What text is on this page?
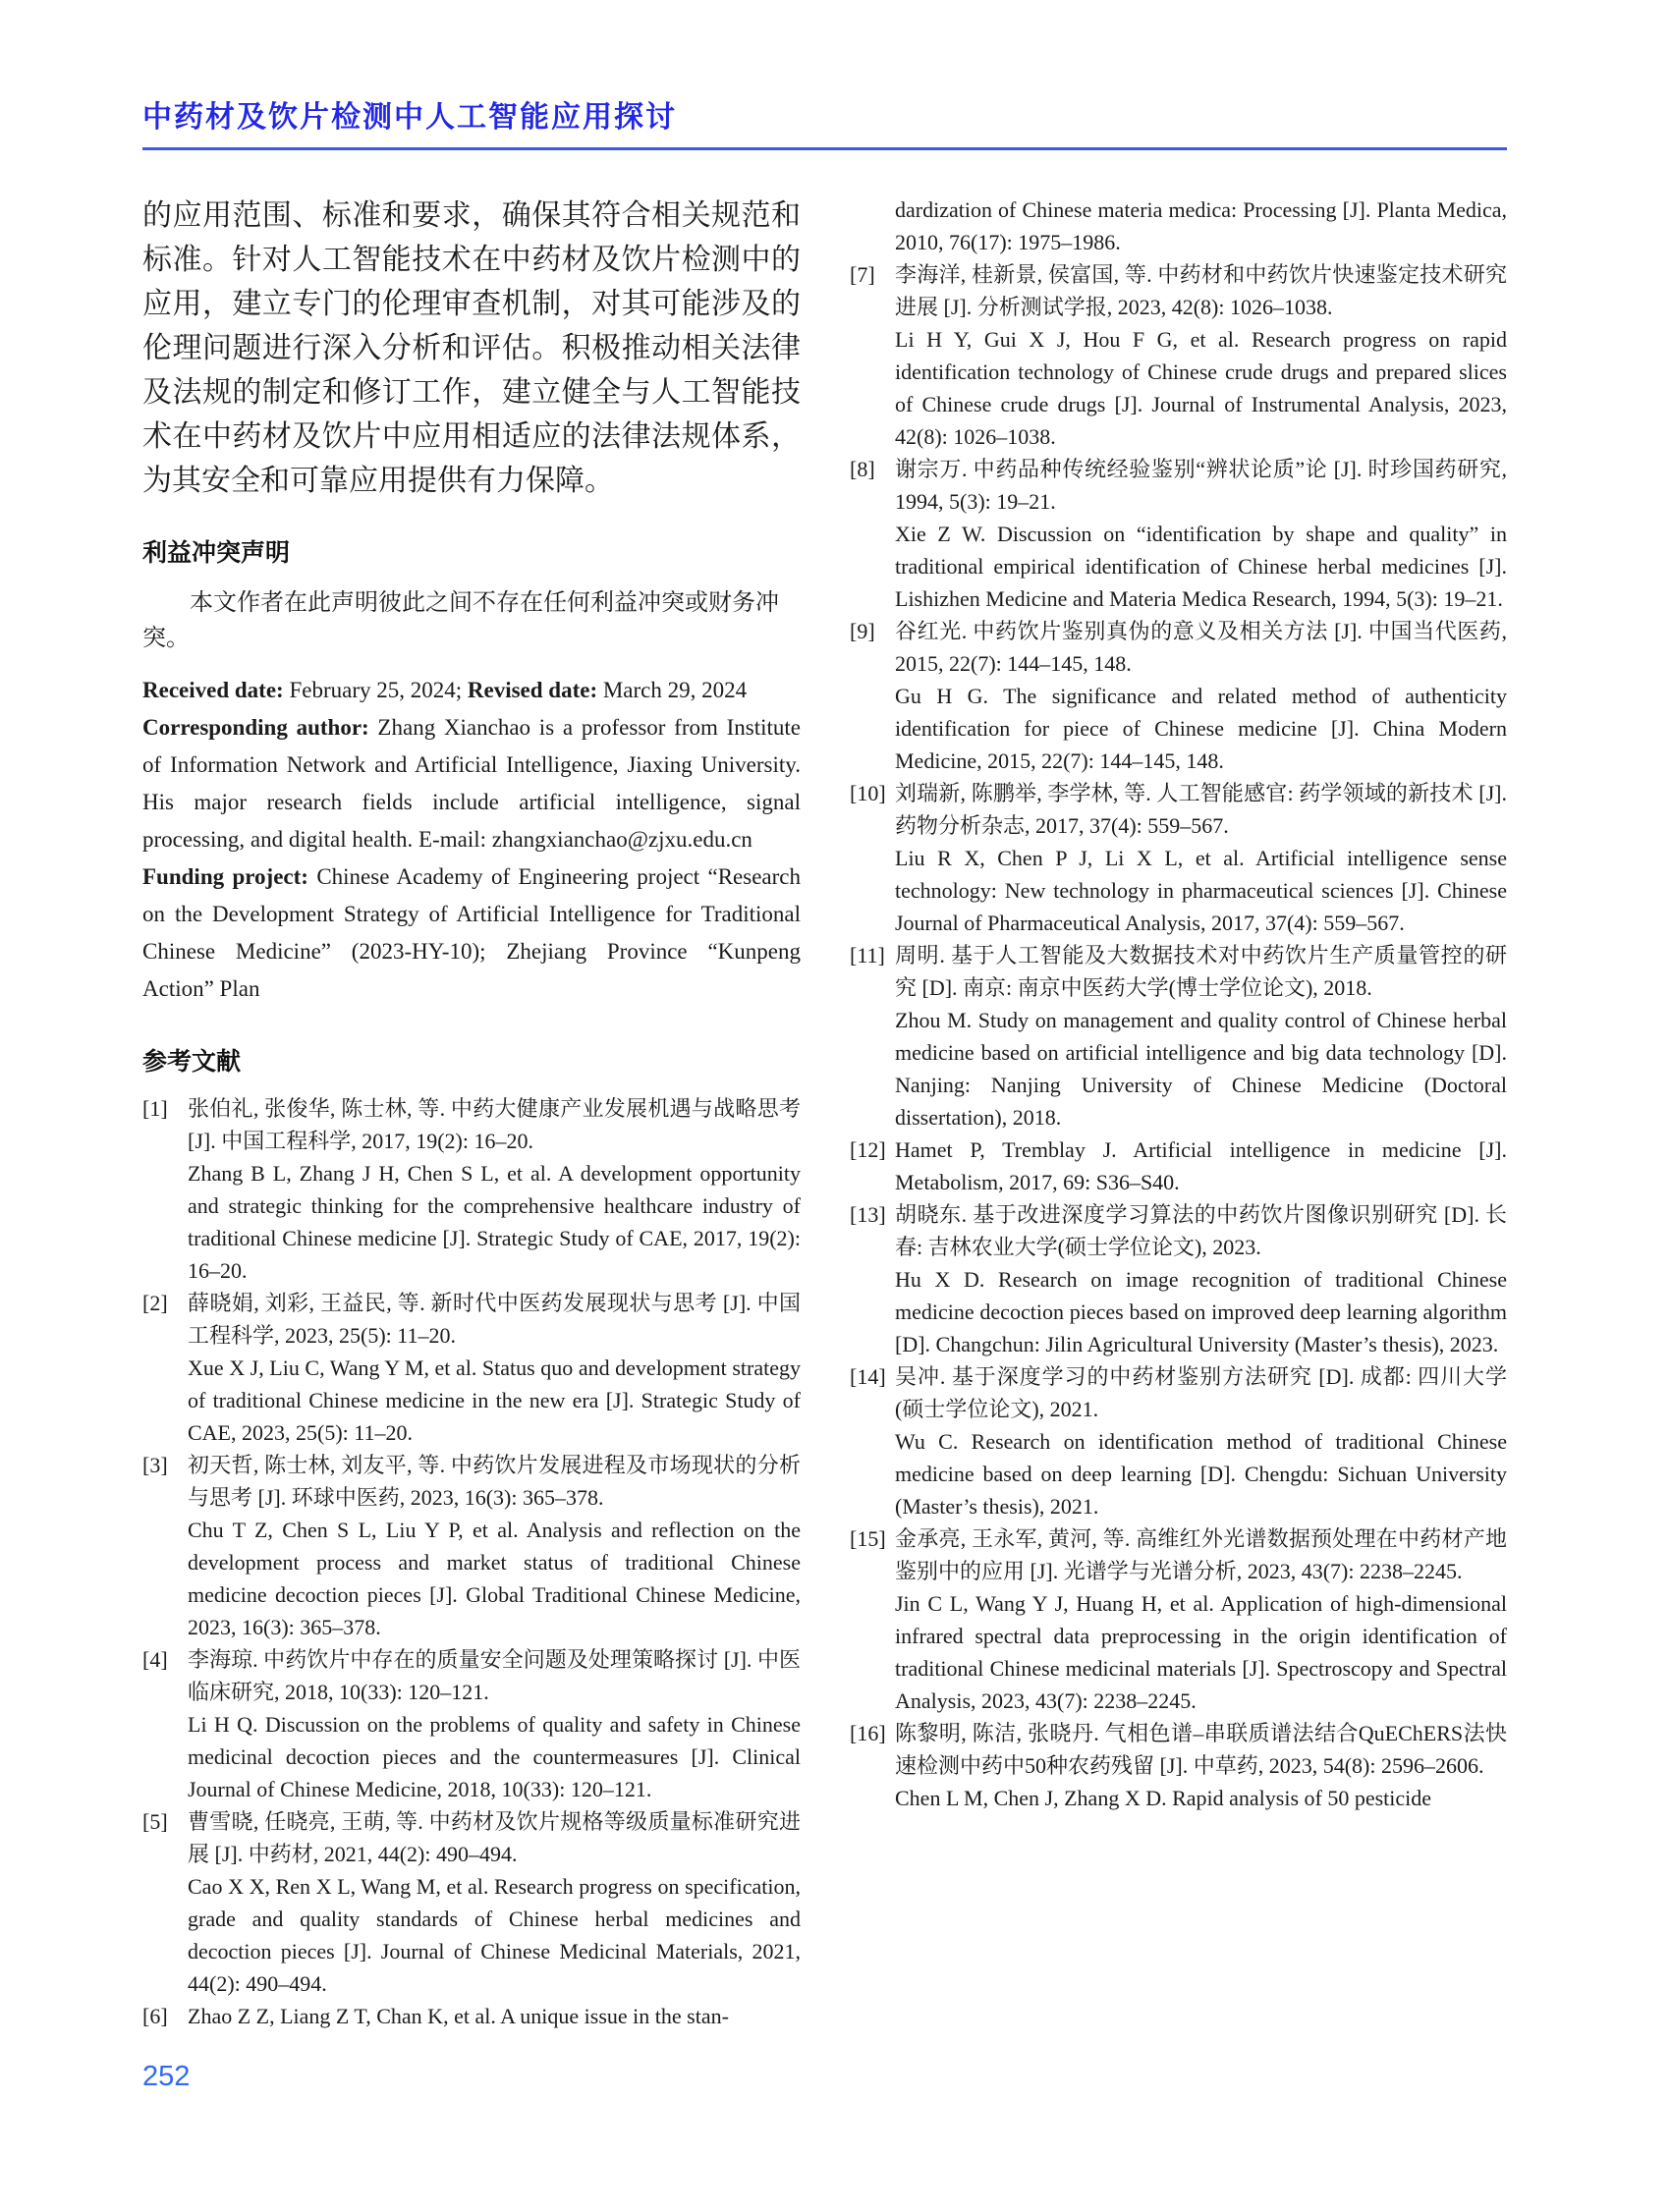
中药材及饮片检测中人工智能应用探讨

的应用范围、标准和要求，确保其符合相关规范和标准。针对人工智能技术在中药材及饮片检测中的应用，建立专门的伦理审查机制，对其可能涉及的伦理问题进行深入分析和评估。积极推动相关法律及法规的制定和修订工作，建立健全与人工智能技术在中药材及饮片中应用相适应的法律法规体系，为其安全和可靠应用提供有力保障。

利益冲突声明

本文作者在此声明彼此之间不存在任何利益冲突或财务冲突。

Received date: February 25, 2024; Revised date: March 29, 2024

Corresponding author: Zhang Xianchao is a professor from Institute of Information Network and Artificial Intelligence, Jiaxing University. His major research fields include artificial intelligence, signal processing, and digital health. E-mail: zhangxianchao@zjxu.edu.cn

Funding project: Chinese Academy of Engineering project “Research on the Development Strategy of Artificial Intelligence for Traditional Chinese Medicine” (2023-HY-10); Zhejiang Province “Kunpeng Action” Plan

参考文献
[1] 张伯礼, 张俊华, 陈士林, 等. 中药大健康产业发展机遇与战略思考 [J]. 中国工程科学, 2017, 19(2): 16–20.
Zhang B L, Zhang J H, Chen S L, et al. A development opportunity and strategic thinking for the comprehensive healthcare industry of traditional Chinese medicine [J]. Strategic Study of CAE, 2017, 19(2): 16–20.
[2] 薛晓娟, 刘彩, 王益民, 等. 新时代中医药发展现状与思考 [J]. 中国工程科学, 2023, 25(5): 11–20.
Xue X J, Liu C, Wang Y M, et al. Status quo and development strategy of traditional Chinese medicine in the new era [J]. Strategic Study of CAE, 2023, 25(5): 11–20.
[3] 初天哲, 陈士林, 刘友平, 等. 中药饮片发展进程及市场现状的分析与思考 [J]. 环球中医药, 2023, 16(3): 365–378.
Chu T Z, Chen S L, Liu Y P, et al. Analysis and reflection on the development process and market status of traditional Chinese medicine decoction pieces [J]. Global Traditional Chinese Medicine, 2023, 16(3): 365–378.
[4] 李海琼. 中药饮片中存在的质量安全问题及处理策略探讨 [J]. 中医临床研究, 2018, 10(33): 120–121.
Li H Q. Discussion on the problems of quality and safety in Chinese medicinal decoction pieces and the countermeasures [J]. Clinical Journal of Chinese Medicine, 2018, 10(33): 120–121.
[5] 曹雪晓, 任晓亮, 王萌, 等. 中药材及饮片规格等级质量标准研究进展 [J]. 中药材, 2021, 44(2): 490–494.
Cao X X, Ren X L, Wang M, et al. Research progress on specification, grade and quality standards of Chinese herbal medicines and decoction pieces [J]. Journal of Chinese Medicinal Materials, 2021, 44(2): 490–494.
[6] Zhao Z Z, Liang Z T, Chan K, et al. A unique issue in the stan-
dardization of Chinese materia medica: Processing [J]. Planta Medica, 2010, 76(17): 1975–1986.
[7] 李海洋, 桂新景, 侯富国, 等. 中药材和中药饮片快速鉴定技术研究进展 [J]. 分析测试学报, 2023, 42(8): 1026–1038.
Li H Y, Gui X J, Hou F G, et al. Research progress on rapid identification technology of Chinese crude drugs and prepared slices of Chinese crude drugs [J]. Journal of Instrumental Analysis, 2023, 42(8): 1026–1038.
[8] 谢宗万. 中药品种传统经验鉴别“辨状论质”论 [J]. 时珍国药研究, 1994, 5(3): 19–21.
Xie Z W. Discussion on “identification by shape and quality” in traditional empirical identification of Chinese herbal medicines [J]. Lishizhen Medicine and Materia Medica Research, 1994, 5(3): 19–21.
[9] 谷红光. 中药饮片鉴别真伪的意义及相关方法 [J]. 中国当代医药, 2015, 22(7): 144–145, 148.
Gu H G. The significance and related method of authenticity identification for piece of Chinese medicine [J]. China Modern Medicine, 2015, 22(7): 144–145, 148.
[10] 刘瑞新, 陈鹏举, 李学林, 等. 人工智能感官: 药学领域的新技术 [J]. 药物分析杂志, 2017, 37(4): 559–567.
Liu R X, Chen P J, Li X L, et al. Artificial intelligence sense technology: New technology in pharmaceutical sciences [J]. Chinese Journal of Pharmaceutical Analysis, 2017, 37(4): 559–567.
[11] 周明. 基于人工智能及大数据技术对中药饮片生产质量管控的研究 [D]. 南京: 南京中医药大学(博士学位论文), 2018.
Zhou M. Study on management and quality control of Chinese herbal medicine based on artificial intelligence and big data technology [D]. Nanjing: Nanjing University of Chinese Medicine (Doctoral dissertation), 2018.
[12] Hamet P, Tremblay J. Artificial intelligence in medicine [J]. Metabolism, 2017, 69: S36–S40.
[13] 胡晓东. 基于改进深度学习算法的中药饮片图像识别研究 [D]. 长春: 吉林农业大学(硕士学位论文), 2023.
Hu X D. Research on image recognition of traditional Chinese medicine decoction pieces based on improved deep learning algorithm [D]. Changchun: Jilin Agricultural University (Master’s thesis), 2023.
[14] 吴冲. 基于深度学习的中药材鉴别方法研究 [D]. 成都: 四川大学(硕士学位论文), 2021.
Wu C. Research on identification method of traditional Chinese medicine based on deep learning [D]. Chengdu: Sichuan University (Master’s thesis), 2021.
[15] 金承亮, 王永军, 黄河, 等. 高维红外光谱数据预处理在中药材产地鉴别中的应用 [J]. 光谱学与光谱分析, 2023, 43(7): 2238–2245.
Jin C L, Wang Y J, Huang H, et al. Application of high-dimensional infrared spectral data preprocessing in the origin identification of traditional Chinese medicinal materials [J]. Spectroscopy and Spectral Analysis, 2023, 43(7): 2238–2245.
[16] 陈黎明, 陈洁, 张晓丹. 气相色谱–串联质谱法结合QuEChERS法快速检测中药中50种农药残留 [J]. 中草药, 2023, 54(8): 2596–2606.
Chen L M, Chen J, Zhang X D. Rapid analysis of 50 pesticide
252
